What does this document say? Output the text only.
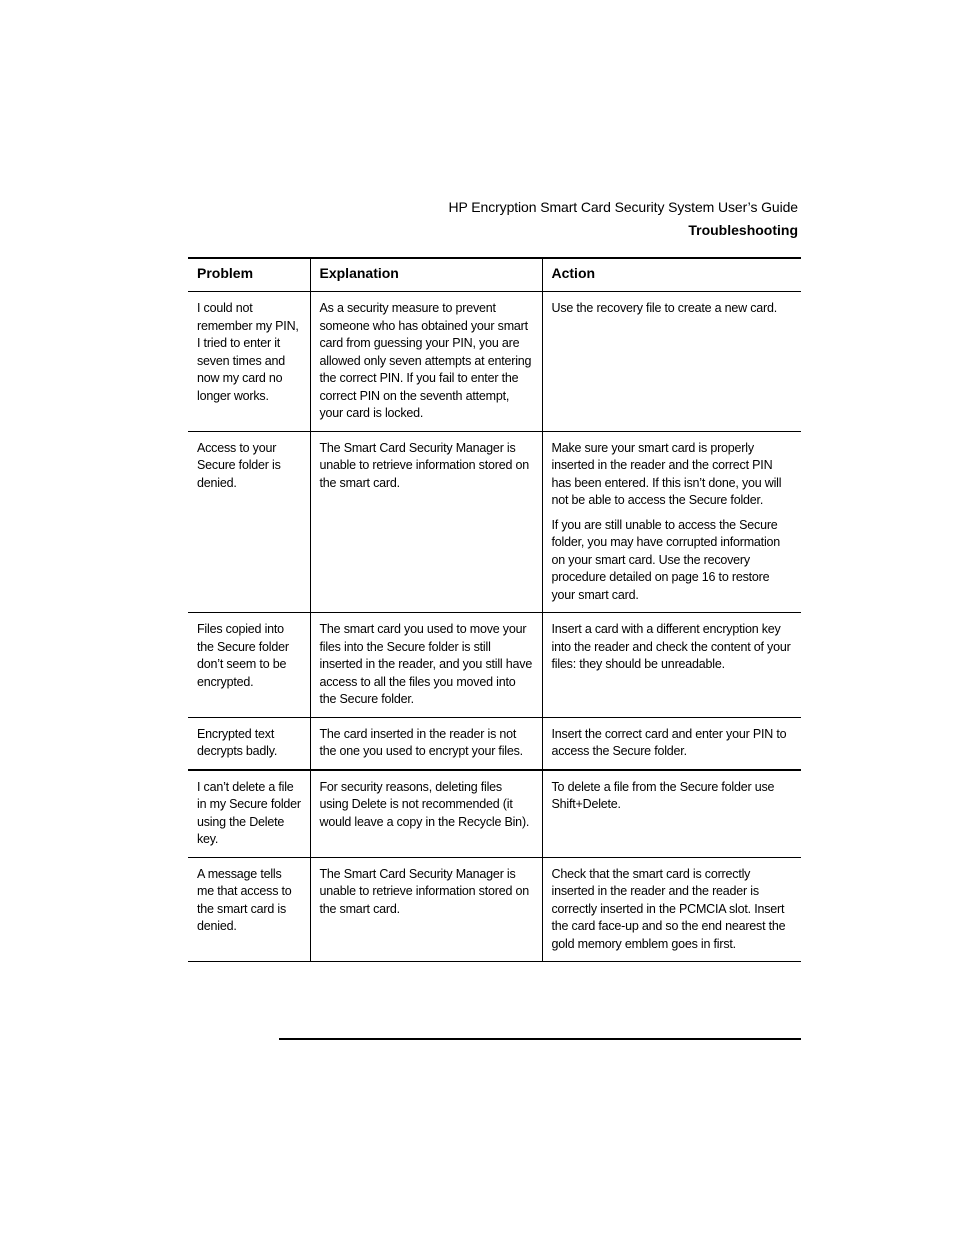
HP Encryption Smart Card Security System User’s Guide
Troubleshooting
Problem	Explanation	Action
I could not remember my PIN, I tried to enter it seven times and now my card no longer works.	As a security measure to prevent someone who has obtained your smart card from guessing your PIN, you are allowed only seven attempts at entering the correct PIN. If you fail to enter the correct PIN on the seventh attempt, your card is locked.	Use the recovery file to create a new card.

Access to your Secure folder is denied.	The Smart Card Security Manager is unable to retrieve information stored on the smart card.	Make sure your smart card is properly inserted in the reader and the correct PIN has been entered. If this isn’t done, you will not be able to access the Secure folder.
If you are still unable to access the Secure folder, you may have corrupted information on your smart card. Use the recovery procedure detailed on page 16 to restore your smart card.

Files copied into the Secure folder don’t seem to be encrypted.	The smart card you used to move your files into the Secure folder is still inserted in the reader, and you still have access to all the files you moved into the Secure folder.	Insert a card with a different encryption key into the reader and check the content of your files: they should be unreadable.

Encrypted text decrypts badly.	The card inserted in the reader is not the one you used to encrypt your files.	Insert the correct card and enter your PIN to access the Secure folder.

I can’t delete a file in my Secure folder using the Delete key.	For security reasons, deleting files using Delete is not recommended (it would leave a copy in the Recycle Bin).	To delete a file from the Secure folder use Shift+Delete.

A message tells me that access to the smart card is denied.	The Smart Card Security Manager is unable to retrieve information stored on the smart card.	Check that the smart card is correctly inserted in the reader and the reader is correctly inserted in the PCMCIA slot. Insert the card face-up and so the end nearest the gold memory emblem goes in first.
